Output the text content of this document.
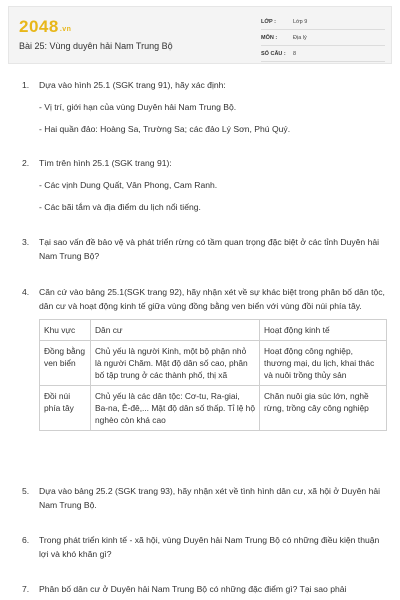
2048.vn
Bài 25: Vùng duyên hải Nam Trung Bộ
LỚP :	Lớp 9
MÔN :	Địa lý
SỐ CÂU :	8
1.	Dựa vào hình 25.1 (SGK trang 91), hãy xác định:
- Vị trí, giới hạn của vùng Duyên hải Nam Trung Bộ.
- Hai quần đảo: Hoàng Sa, Trường Sa; các đảo Lý Sơn, Phú Quý.
2.	Tìm trên hình 25.1 (SGK trang 91):
- Các vịnh Dung Quất, Vân Phong, Cam Ranh.
- Các bãi tắm và địa điểm du lịch nổi tiếng.
3.	Tại sao vấn đề bảo vệ và phát triển rừng có tầm quan trọng đặc biệt ở các tỉnh Duyên hải Nam Trung Bộ?
4.	Căn cứ vào bảng 25.1(SGK trang 92), hãy nhận xét về sự khác biệt trong phân bố dân tộc, dân cư và hoạt động kinh tế giữa vùng đồng bằng ven biển với vùng đồi núi phía tây.
Khu vực	Dân cư	Hoạt động kinh tế
Đồng bằng ven biển	Chủ yếu là người Kinh, một bộ phận nhỏ là người Chăm. Mật độ dân số cao, phân bố tập trung ở các thành phố, thị xã	Hoạt động công nghiệp, thương mại, du lịch, khai thác và nuôi trồng thủy sản
Đồi núi phía tây	Chủ yếu là các dân tộc: Cơ-tu, Ra-giai, Ba-na, Ê-đê,... Mật độ dân số thấp. Tỉ lệ hộ nghèo còn khá cao	Chăn nuôi gia súc lớn, nghề rừng, trồng cây công nghiệp
5.	Dựa vào bảng 25.2 (SGK trang 93), hãy nhận xét về tình hình dân cư, xã hội ở Duyên hải Nam Trung Bộ.
6.	Trong phát triển kinh tế - xã hội, vùng Duyên hải Nam Trung Bộ có những điều kiện thuận lợi và khó khăn gì?
7.	Phân bố dân cư ở Duyên hải Nam Trung Bộ có những đặc điểm gì? Tại sao phải
